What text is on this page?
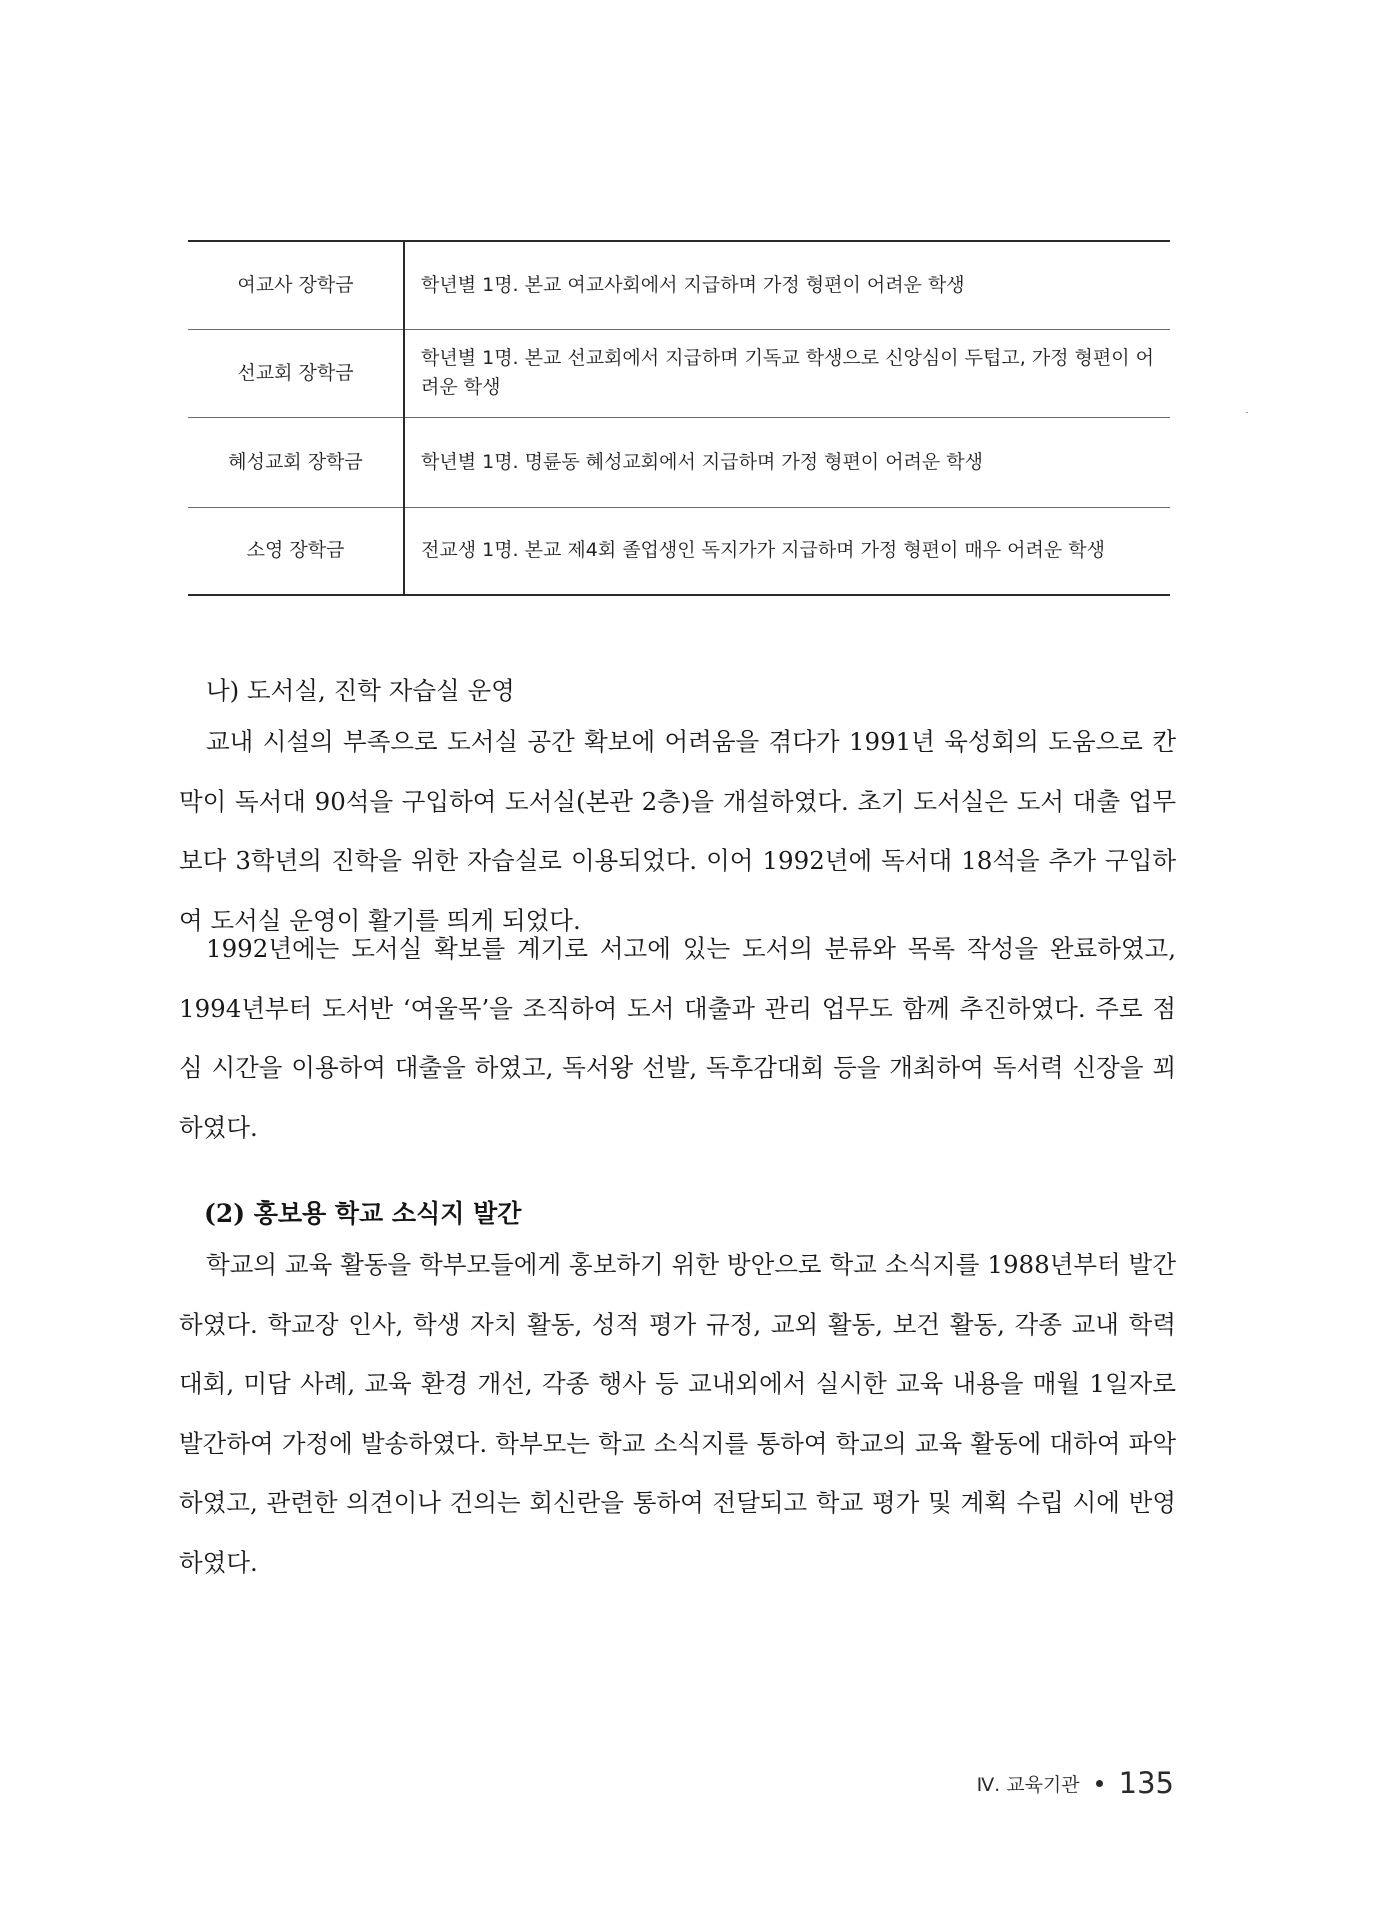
여교사 장학금	학년별 1명. 본교 여교사회에서 지급하며 가정 형편이 어려운 학생
선교회 장학금	학년별 1명. 본교 선교회에서 지급하며 기독교 학생으로 신앙심이 두텁고, 가정 형편이 어려운 학생
혜성교회 장학금	학년별 1명. 명륜동 혜성교회에서 지급하며 가정 형편이 어려운 학생
소영 장학금	전교생 1명. 본교 제4회 졸업생인 독지가가 지급하며 가정 형편이 매우 어려운 학생

나) 도서실, 진학 자습실 운영

교내 시설의 부족으로 도서실 공간 확보에 어려움을 겪다가 1991년 육성회의 도움으로 칸막이 독서대 90석을 구입하여 도서실(본관 2층)을 개설하였다. 초기 도서실은 도서 대출 업무보다 3학년의 진학을 위한 자습실로 이용되었다. 이어 1992년에 독서대 18석을 추가 구입하여 도서실 운영이 활기를 띄게 되었다.

1992년에는 도서실 확보를 계기로 서고에 있는 도서의 분류와 목록 작성을 완료하였고, 1994년부터 도서반 ‘여울목’을 조직하여 도서 대출과 관리 업무도 함께 추진하였다. 주로 점심 시간을 이용하여 대출을 하였고, 독서왕 선발, 독후감대회 등을 개최하여 독서력 신장을 꾀하였다.

(2) 홍보용 학교 소식지 발간

학교의 교육 활동을 학부모들에게 홍보하기 위한 방안으로 학교 소식지를 1988년부터 발간하였다. 학교장 인사, 학생 자치 활동, 성적 평가 규정, 교외 활동, 보건 활동, 각종 교내 학력 대회, 미담 사례, 교육 환경 개선, 각종 행사 등 교내외에서 실시한 교육 내용을 매월 1일자로 발간하여 가정에 발송하였다. 학부모는 학교 소식지를 통하여 학교의 교육 활동에 대하여 파악하였고, 관련한 의견이나 건의는 회신란을 통하여 전달되고 학교 평가 및 계획 수립 시에 반영하였다.

Ⅳ. 교육기관 135
